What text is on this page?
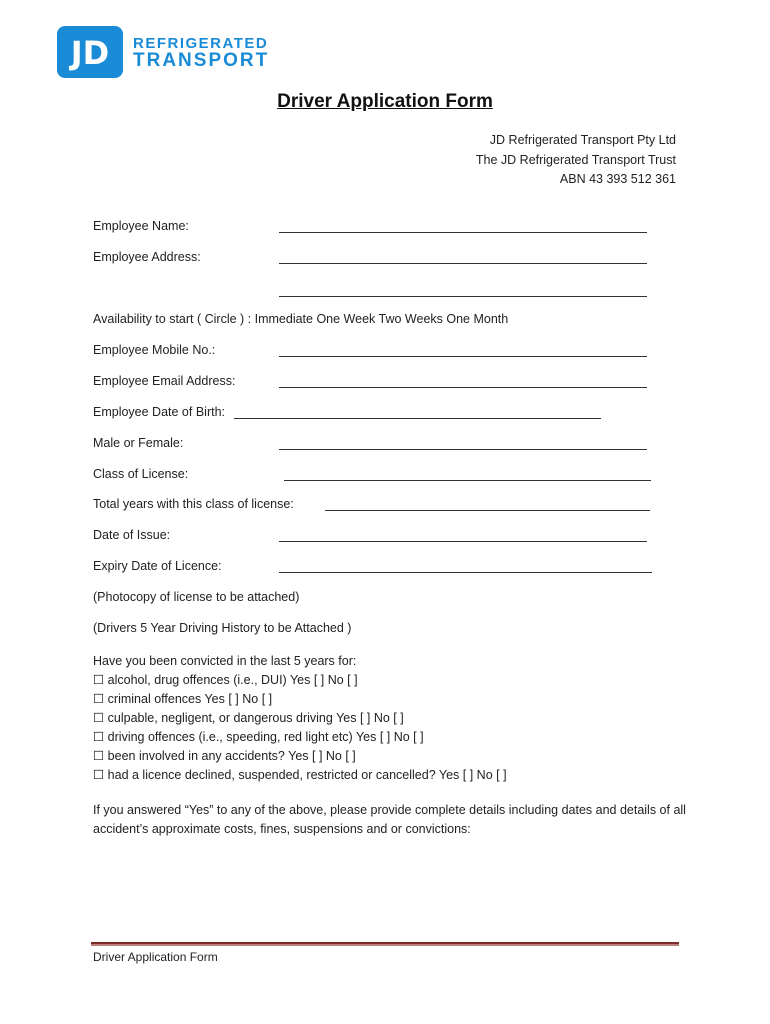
JD REFRIGERATED
TRANSPORT
Driver Application Form
JD Refrigerated Transport Pty Ltd
The JD Refrigerated Transport Trust
ABN 43 393 512 361
Employee Name:
Employee Address:
Availability to start ( Circle ) : Immediate One Week Two Weeks One Month
Employee Mobile No.:
Employee Email Address:
Employee Date of Birth:
Male or Female:
Class of License:
Total years with this class of license:
Date of Issue:
Expiry Date of Licence:
(Photocopy of license to be attached)
(Drivers 5 Year Driving History to be Attached )
Have you been convicted in the last 5 years for:
☐ alcohol, drug offences (i.e., DUI) Yes [ ] No [ ]
☐ criminal offences Yes [ ] No [ ]
☐ culpable, negligent, or dangerous driving Yes [ ] No [ ]
☐ driving offences (i.e., speeding, red light etc) Yes [ ] No [ ]
☐ been involved in any accidents? Yes [ ] No [ ]
☐ had a licence declined, suspended, restricted or cancelled? Yes [ ] No [ ]
If you answered “Yes” to any of the above, please provide complete details including dates and details of all accident’s approximate costs, fines, suspensions and or convictions:
Driver Application Form
